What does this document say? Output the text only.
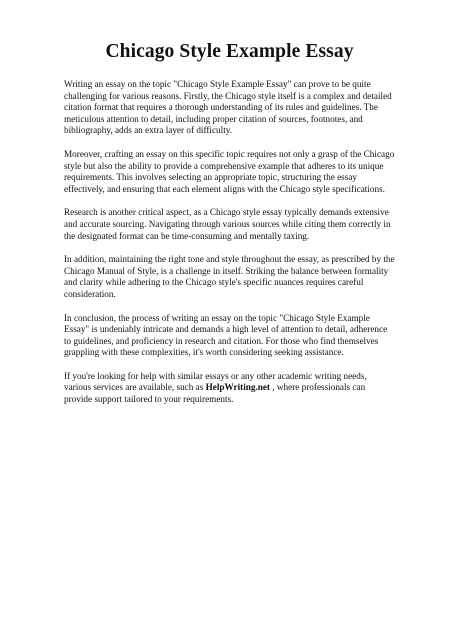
Chicago Style Example Essay

Writing an essay on the topic "Chicago Style Example Essay" can prove to be quite challenging for various reasons. Firstly, the Chicago style itself is a complex and detailed citation format that requires a thorough understanding of its rules and guidelines. The meticulous attention to detail, including proper citation of sources, footnotes, and bibliography, adds an extra layer of difficulty.

Moreover, crafting an essay on this specific topic requires not only a grasp of the Chicago style but also the ability to provide a comprehensive example that adheres to its unique requirements. This involves selecting an appropriate topic, structuring the essay effectively, and ensuring that each element aligns with the Chicago style specifications.

Research is another critical aspect, as a Chicago style essay typically demands extensive and accurate sourcing. Navigating through various sources while citing them correctly in the designated format can be time-consuming and mentally taxing.

In addition, maintaining the right tone and style throughout the essay, as prescribed by the Chicago Manual of Style, is a challenge in itself. Striking the balance between formality and clarity while adhering to the Chicago style's specific nuances requires careful consideration.

In conclusion, the process of writing an essay on the topic "Chicago Style Example Essay" is undeniably intricate and demands a high level of attention to detail, adherence to guidelines, and proficiency in research and citation. For those who find themselves grappling with these complexities, it's worth considering seeking assistance.

If you're looking for help with similar essays or any other academic writing needs, various services are available, such as HelpWriting.net , where professionals can provide support tailored to your requirements.
